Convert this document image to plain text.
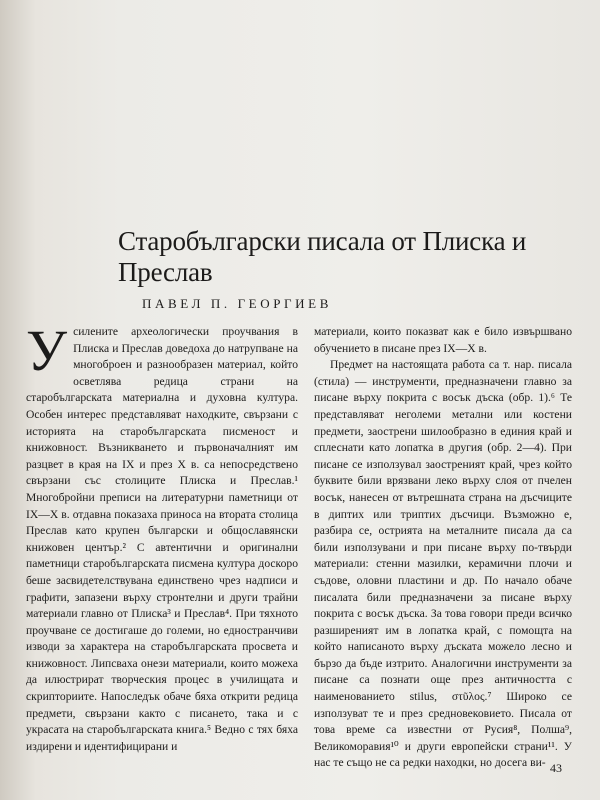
Старобългарски писала от Плиска и Преслав
ПАВЕЛ П. ГЕОРГИЕВ

Усилените археологически проучвания в Плиска и Преслав доведоха до натрупване на многоброен и разнообразен материал, който осветлява редица страни на старобългарската материална и духовна култура. Особен интерес представляват находките, свързани с историята на старобългарската писменост и книжовност. Възникването и първоначалният им разцвет в края на IX и през X в. са непосредствено свързани със столиците Плиска и Преслав.¹ Многобройни преписи на литературни паметници от IX—X в. отдавна показаха приноса на втората столица Преслав като крупен български и общославянски книжовен център.² С автентични и оригинални паметници старобългарската писмена култура доскоро беше засвидетелствувана единствено чрез надписи и графити, запазени върху стронтелни и други трайни материали главно от Плиска³ и Преслав⁴. При тяхното проучване се достигаше до големи, но едностранчиви изводи за характера на старобългарската просвета и книжовност. Липсваха онези материали, които можеха да илюстрират творческия процес в училищата и скрипториите. Напоследък обаче бяха открити редица предмети, свързани както с писането, така и с украсата на старобългарската книга.⁵ Ведно с тях бяха издирени и идентифицирани и

материали, които показват как е било извършвано обучението в писане през IX—X в.

Предмет на настоящата работа са т. нар. писала (стила) — инструменти, предназначени главно за писане върху покрита с восък дъска (обр. 1).⁶ Те представляват неголеми метални или костени предмети, заострени шилообразно в единия край и сплеснати като лопатка в другия (обр. 2—4). При писане се използувал заостреният край, чрез който буквите били врязвани леко върху слоя от пчелен восък, нанесен от вътрешната страна на дъсчиците в диптих или триптих дъсчици. Възможно е, разбира се, острията на металните писала да са били използувани и при писане върху по-твърди материали: стенни мазилки, керамични плочи и съдове, оловни пластини и др. По начало обаче писалата били предназначени за писане върху покрита с восък дъска. За това говори преди всичко разширеният им в лопатка край, с помощта на който написаното върху дъската можело лесно и бързо да бъде изтрито. Аналогични инструменти за писане са познати още през античността с наименованието stilus, στῦλος.⁷ Широко се използуват те и през средновековието. Писала от това време са известни от Русия⁸, Полша⁹, Великоморавия¹⁰ и други европейски страни¹¹. У нас те също не са редки находки, но досега ви- 43
